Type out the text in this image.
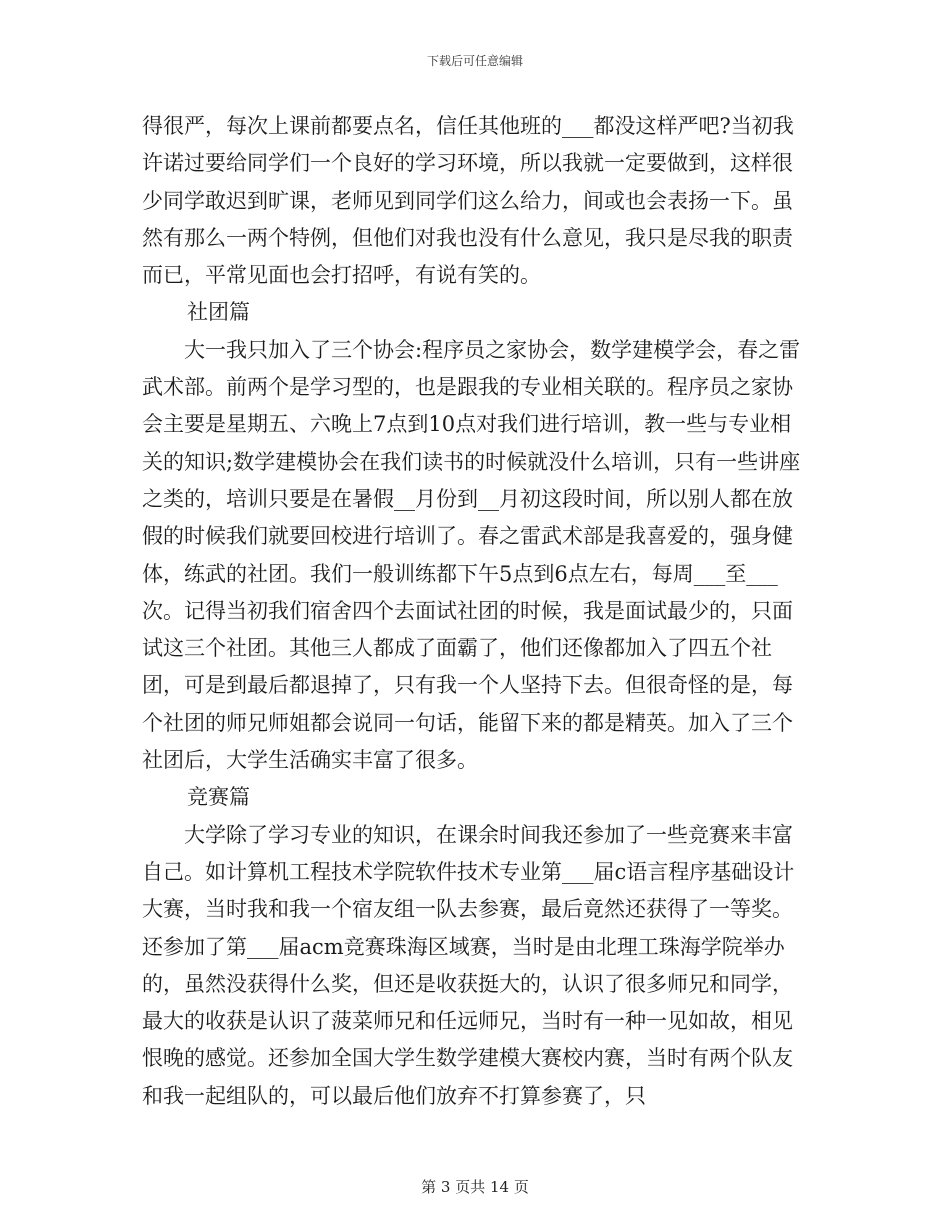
下载后可任意编辑

得很严，每次上课前都要点名，信任其他班的___都没这样严吧?当初我许诺过要给同学们一个良好的学习环境，所以我就一定要做到，这样很少同学敢迟到旷课，老师见到同学们这么给力，间或也会表扬一下。虽然有那么一两个特例，但他们对我也没有什么意见，我只是尽我的职责而已，平常见面也会打招呼，有说有笑的。

社团篇

大一我只加入了三个协会:程序员之家协会，数学建模学会，春之雷武术部。前两个是学习型的，也是跟我的专业相关联的。程序员之家协会主要是星期五、六晚上7点到10点对我们进行培训，教一些与专业相关的知识;数学建模协会在我们读书的时候就没什么培训，只有一些讲座之类的，培训只要是在暑假__月份到__月初这段时间，所以别人都在放假的时候我们就要回校进行培训了。春之雷武术部是我喜爱的，强身健体，练武的社团。我们一般训练都下午5点到6点左右，每周___至___次。记得当初我们宿舍四个去面试社团的时候，我是面试最少的，只面试这三个社团。其他三人都成了面霸了，他们还像都加入了四五个社团，可是到最后都退掉了，只有我一个人坚持下去。但很奇怪的是，每个社团的师兄师姐都会说同一句话，能留下来的都是精英。加入了三个社团后，大学生活确实丰富了很多。

竞赛篇

大学除了学习专业的知识，在课余时间我还参加了一些竞赛来丰富自己。如计算机工程技术学院软件技术专业第___届c语言程序基础设计大赛，当时我和我一个宿友组一队去参赛，最后竟然还获得了一等奖。还参加了第___届acm竞赛珠海区域赛，当时是由北理工珠海学院举办的，虽然没获得什么奖，但还是收获挺大的，认识了很多师兄和同学，最大的收获是认识了菠菜师兄和任远师兄，当时有一种一见如故，相见恨晚的感觉。还参加全国大学生数学建模大赛校内赛，当时有两个队友和我一起组队的，可以最后他们放弃不打算参赛了，只

第 3 页共 14 页
